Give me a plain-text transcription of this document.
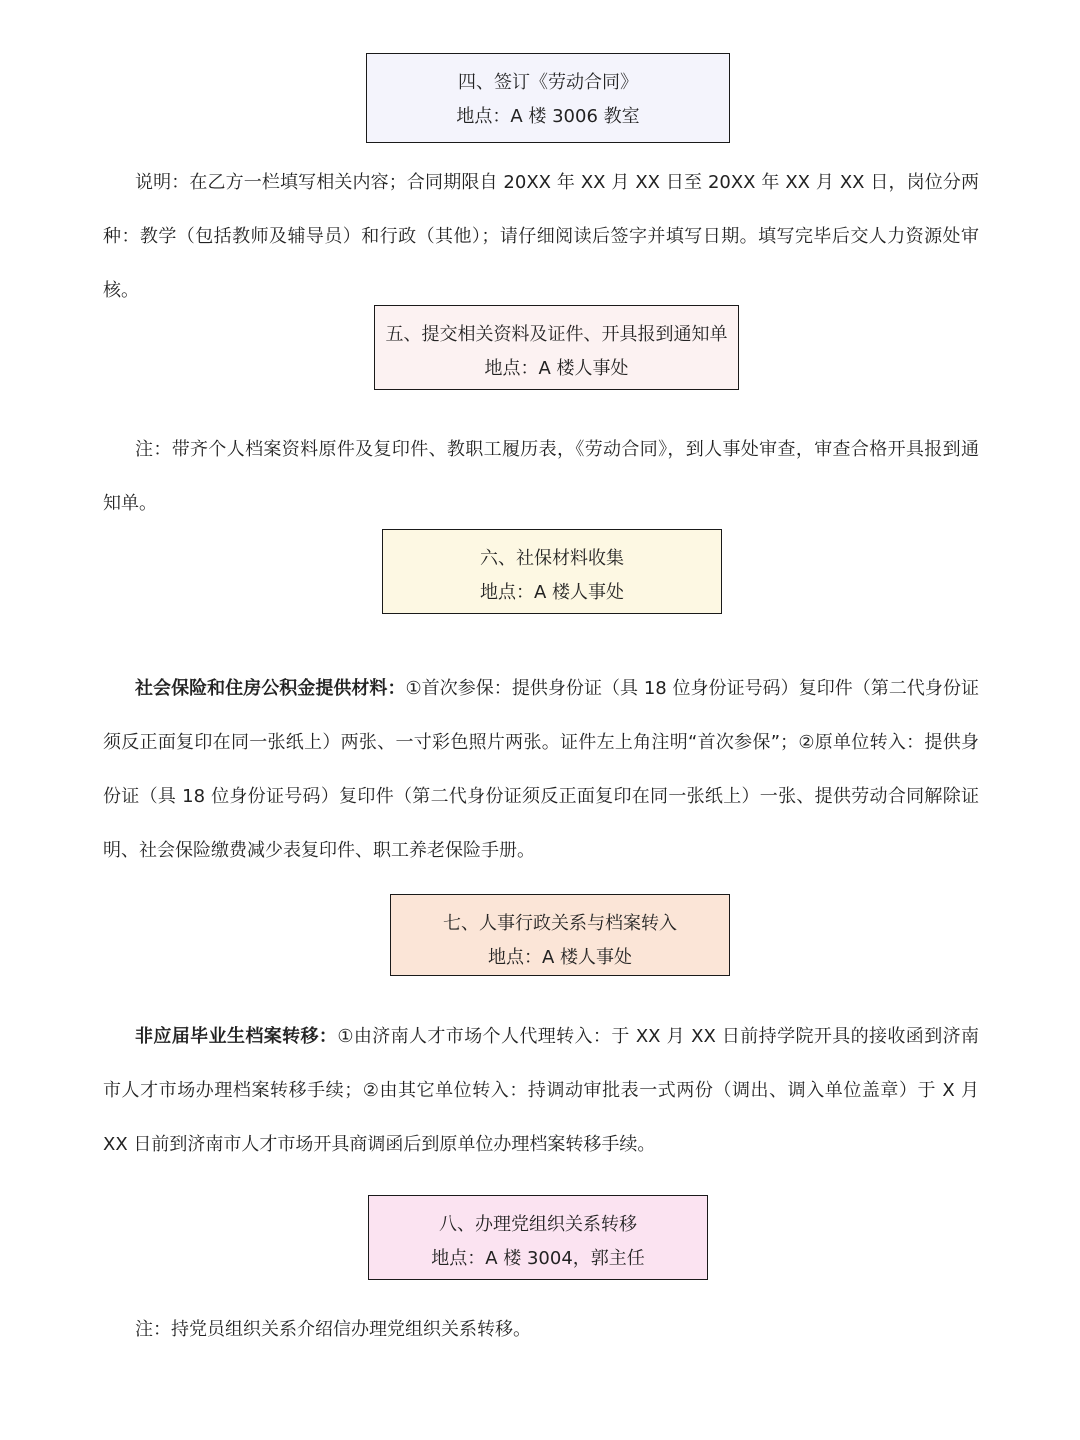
四、签订《劳动合同》
地点：A 楼 3006 教室

说明：在乙方一栏填写相关内容；合同期限自 20XX 年 XX 月 XX 日至 20XX 年 XX 月 XX 日，岗位分两种：教学（包括教师及辅导员）和行政（其他）；请仔细阅读后签字并填写日期。填写完毕后交人力资源处审核。

五、提交相关资料及证件、开具报到通知单
地点：A 楼人事处

注：带齐个人档案资料原件及复印件、教职工履历表，《劳动合同》，到人事处审查，审查合格开具报到通知单。

六、社保材料收集
地点：A 楼人事处

社会保险和住房公积金提供材料：①首次参保：提供身份证（具 18 位身份证号码）复印件（第二代身份证须反正面复印在同一张纸上）两张、一寸彩色照片两张。证件左上角注明“首次参保”；②原单位转入：提供身份证（具 18 位身份证号码）复印件（第二代身份证须反正面复印在同一张纸上）一张、提供劳动合同解除证明、社会保险缴费减少表复印件、职工养老保险手册。

七、人事行政关系与档案转入
地点：A 楼人事处

非应届毕业生档案转移：①由济南人才市场个人代理转入：于 XX 月 XX 日前持学院开具的接收函到济南市人才市场办理档案转移手续；②由其它单位转入：持调动审批表一式两份（调出、调入单位盖章）于 X 月 XX 日前到济南市人才市场开具商调函后到原单位办理档案转移手续。

八、办理党组织关系转移
地点：A 楼 3004，郭主任

注：持党员组织关系介绍信办理党组织关系转移。
